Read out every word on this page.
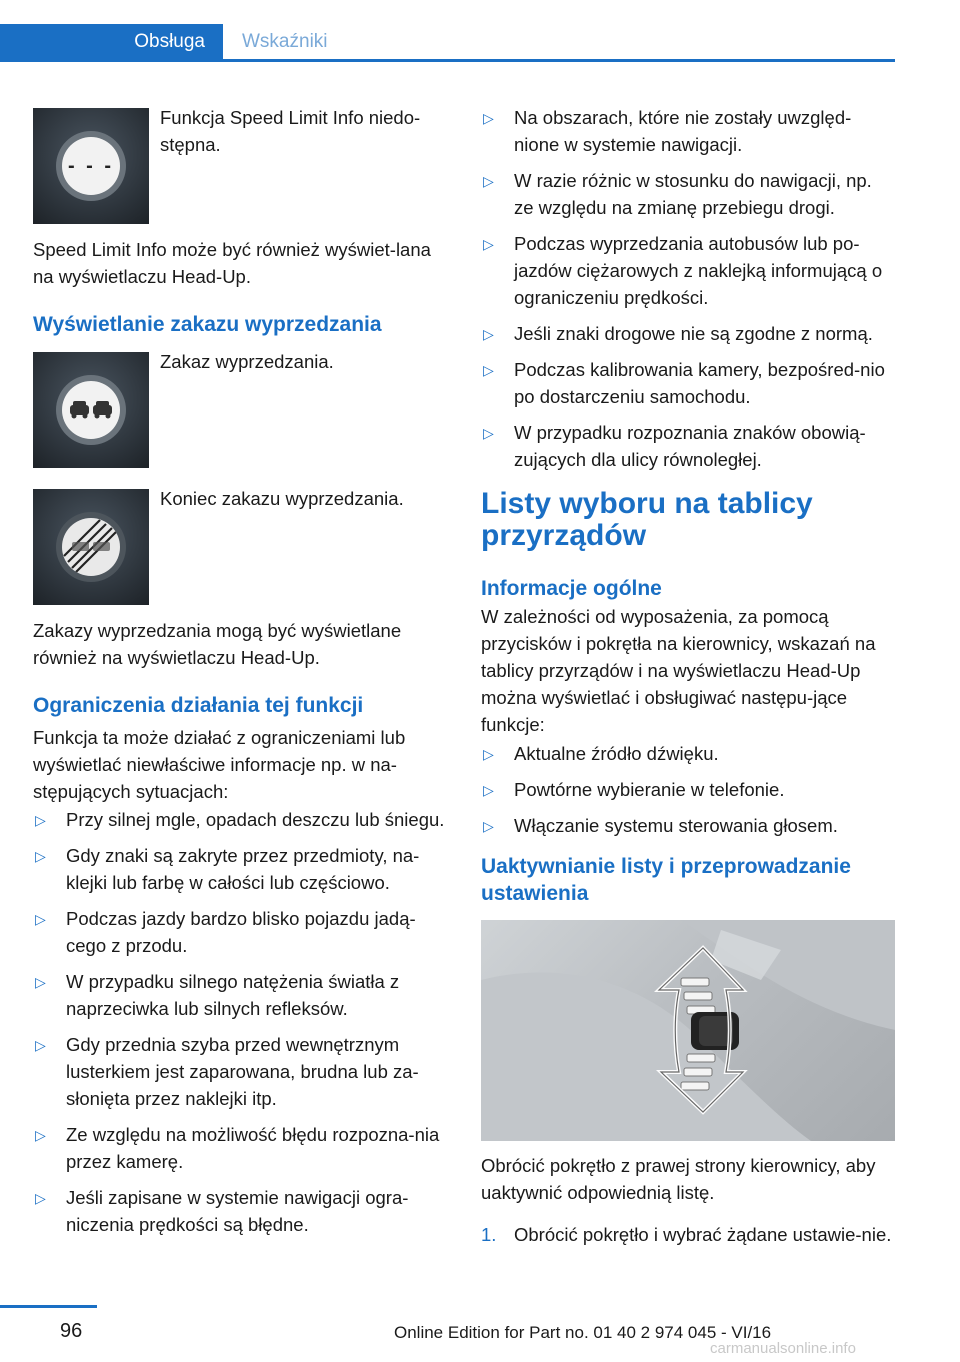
Obsługa	Wskaźniki
- - -

Funkcja Speed Limit Info niedo‐stępna.

Speed Limit Info może być również wyświet‐lana na wyświetlaczu Head-Up.

Wyświetlanie zakazu wyprzedzania

Zakaz wyprzedzania.

Koniec zakazu wyprzedzania.

Zakazy wyprzedzania mogą być wyświetlane również na wyświetlaczu Head-Up.

Ograniczenia działania tej funkcji

Funkcja ta może działać z ograniczeniami lub wyświetlać niewłaściwe informacje np. w na‐stępujących sytuacjach:

▷ Przy silnej mgle, opadach deszczu lub śniegu.
▷ Gdy znaki są zakryte przez przedmioty, na‐klejki lub farbę w całości lub częściowo.
▷ Podczas jazdy bardzo blisko pojazdu jadą‐cego z przodu.
▷ W przypadku silnego natężenia światła z naprzeciwka lub silnych refleksów.
▷ Gdy przednia szyba przed wewnętrznym lusterkiem jest zaparowana, brudna lub za‐słonięta przez naklejki itp.
▷ Ze względu na możliwość błędu rozpozna‐nia przez kamerę.
▷ Jeśli zapisane w systemie nawigacji ogra‐niczenia prędkości są błędne.
▷ Na obszarach, które nie zostały uwzględ‐nione w systemie nawigacji.
▷ W razie różnic w stosunku do nawigacji, np. ze względu na zmianę przebiegu drogi.
▷ Podczas wyprzedzania autobusów lub po‐jazdów ciężarowych z naklejką informującą o ograniczeniu prędkości.
▷ Jeśli znaki drogowe nie są zgodne z normą.
▷ Podczas kalibrowania kamery, bezpośred‐nio po dostarczeniu samochodu.
▷ W przypadku rozpoznania znaków obowią‐zujących dla ulicy równoległej.
Listy wyboru na tablicy przyrządów
Informacje ogólne

W zależności od wyposażenia, za pomocą przycisków i pokrętła na kierownicy, wskazań na tablicy przyrządów i na wyświetlaczu Head-Up można wyświetlać i obsługiwać następu‐jące funkcje:

▷ Aktualne źródło dźwięku.
▷ Powtórne wybieranie w telefonie.
▷ Włączanie systemu sterowania głosem.
Uaktywnianie listy i przeprowadzanie ustawienia

Obrócić pokrętło z prawej strony kierownicy, aby uaktywnić odpowiednią listę.

1. Obrócić pokrętło i wybrać żądane ustawie‐nie.
96	Online Edition for Part no. 01 40 2 974 045 - VI/16
carmanualsonline.info
